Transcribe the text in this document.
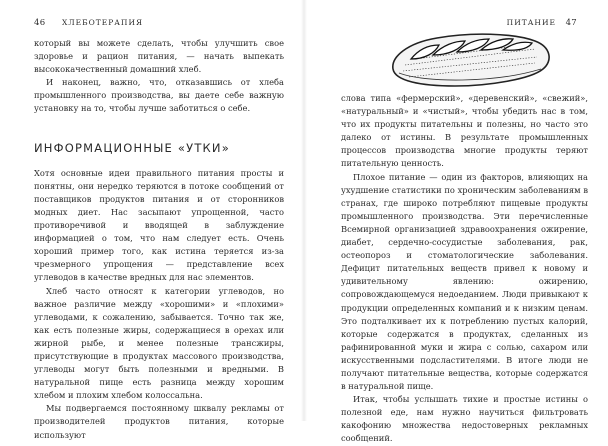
46 ХЛЕБОТЕРАПИЯ

который вы можете сделать, чтобы улучшить свое здоровье и рацион питания, — начать выпекать высококачественный домашний хлеб.

И наконец, важно, что, отказавшись от хлеба промышленного производства, вы даете себе важную установку на то, чтобы лучше заботиться о себе.

ИНФОРМАЦИОННЫЕ «УТКИ»

Хотя основные идеи правильного питания просты и понятны, они нередко теряются в потоке сообщений от поставщиков продуктов питания и от сторонников модных диет. Нас засыпают упрощенной, часто противоречивой и вводящей в заблуждение информацией о том, что нам следует есть. Очень хороший пример того, как истина теряется из-за чрезмерного упрощения — представление всех углеводов в качестве вредных для нас элементов.

Хлеб часто относят к категории углеводов, но важное различие между «хорошими» и «плохими» углеводами, к сожалению, забывается. Точно так же, как есть полезные жиры, содержащиеся в орехах или жирной рыбе, и менее полезные трансжиры, присутствующие в продуктах массового производства, углеводы могут быть полезными и вредными. В натуральной пище есть разница между хорошим хлебом и плохим хлебом колоссальна.

Мы подвергаемся постоянному шквалу рекламы от производителей продуктов питания, которые используют

ПИТАНИЕ 47

слова типа «фермерский», «деревенский», «свежий», «натуральный» и «чистый», чтобы убедить нас в том, что их продукты питательны и полезны, но часто это далеко от истины. В результате промышленных процессов производства многие продукты теряют питательную ценность.

Плохое питание — один из факторов, влияющих на ухудшение статистики по хроническим заболеваниям в странах, где широко потребляют пищевые продукты промышленного производства. Эти перечисленные Всемирной организацией здравоохранения ожирение, диабет, сердечно-сосудистые заболевания, рак, остеопороз и стоматологические заболевания. Дефицит питательных веществ привел к новому и удивительному явлению: ожирению, сопровождающемуся недоеданием. Люди привыкают к продукции определенных компаний и к низким ценам. Это подталкивает их к потреблению пустых калорий, которые содержатся в продуктах, сделанных из рафинированной муки и жира с солью, сахаром или искусственными подсластителями. В итоге люди не получают питательные вещества, которые содержатся в натуральной пище.

Итак, чтобы услышать тихие и простые истины о полезной еде, нам нужно научиться фильтровать какофонию множества недостоверных рекламных сообщений.
